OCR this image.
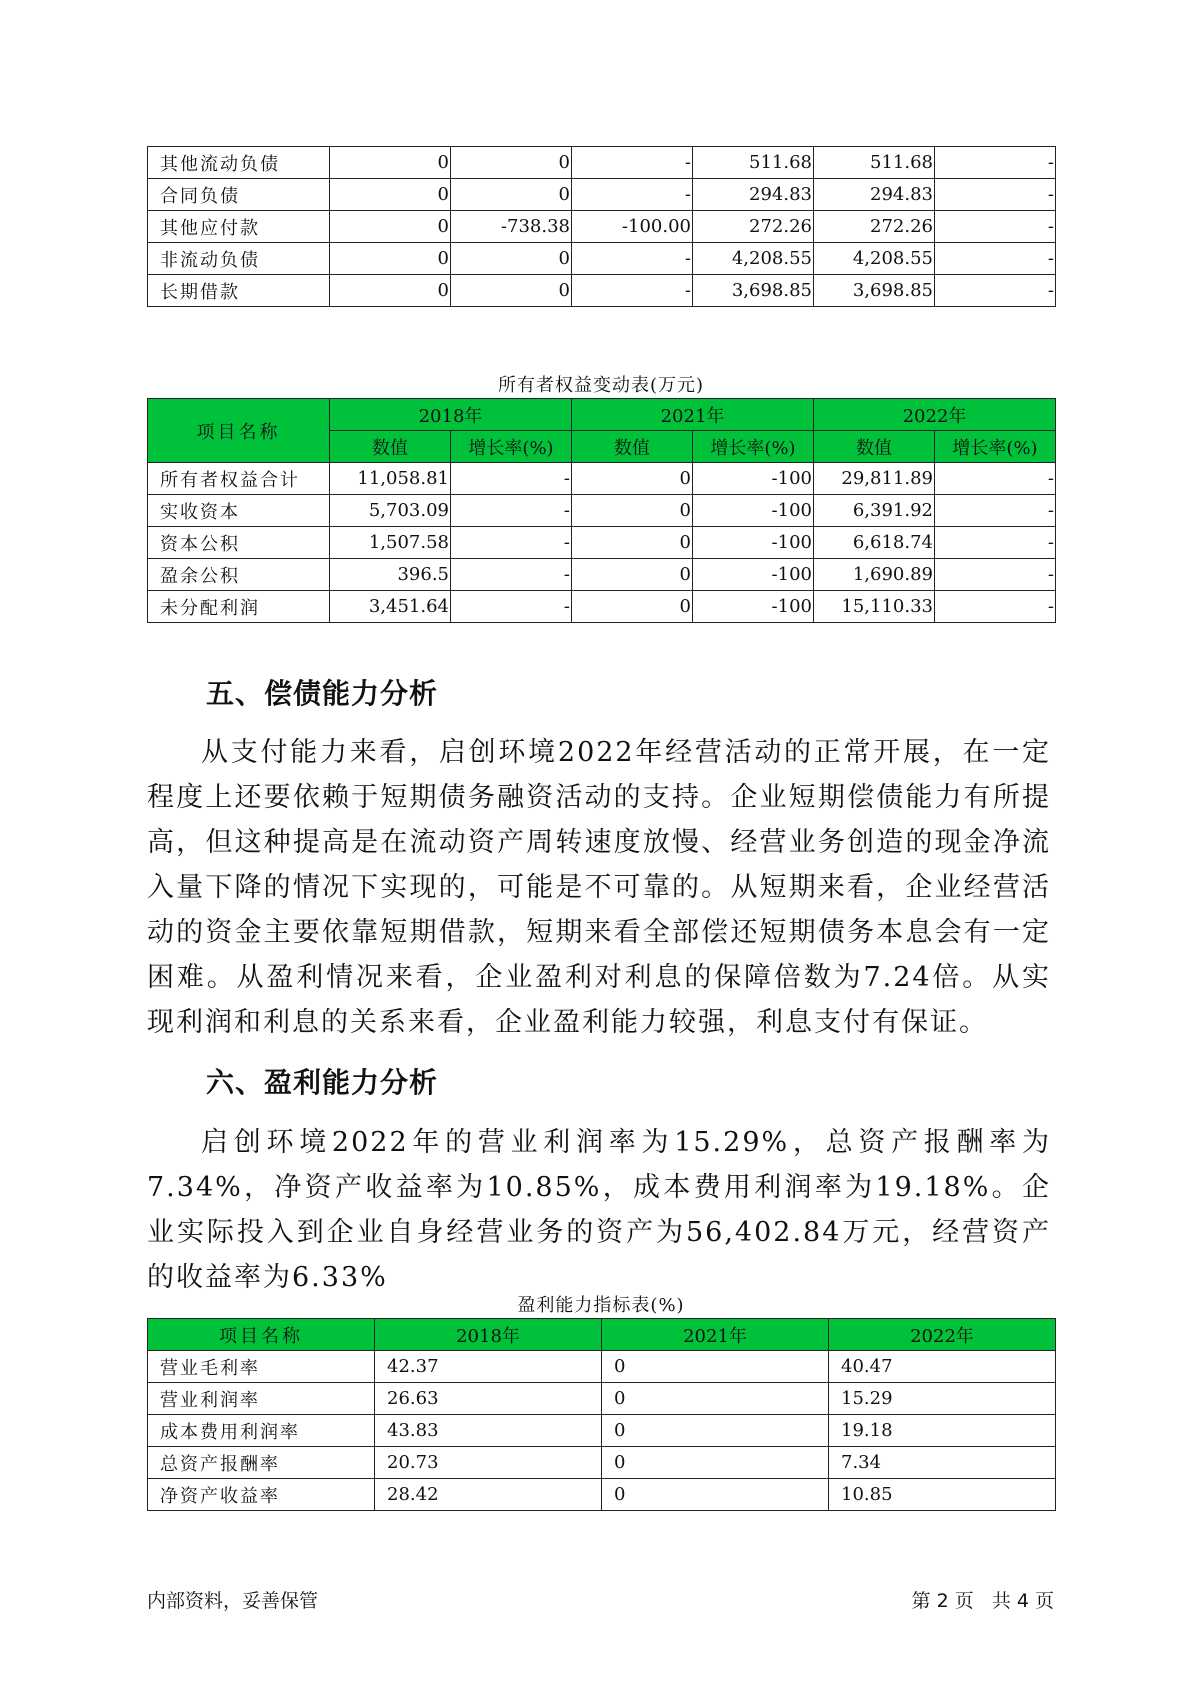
其他流动负债	0	0	-	511.68	511.68	-
合同负债	0	0	-	294.83	294.83	-
其他应付款	0	-738.38	-100.00	272.26	272.26	-
非流动负债	0	0	-	4,208.55	4,208.55	-
长期借款	0	0	-	3,698.85	3,698.85	-
所有者权益变动表(万元)
项目名称	2018年		2021年		2022年	
	数值	增长率(%)	数值	增长率(%)	数值	增长率(%)
所有者权益合计	11,058.81	-	0	-100	29,811.89	-
实收资本	5,703.09	-	0	-100	6,391.92	-
资本公积	1,507.58	-	0	-100	6,618.74	-
盈余公积	396.5	-	0	-100	1,690.89	-
未分配利润	3,451.64	-	0	-100	15,110.33	-
五、偿债能力分析

从支付能力来看，启创环境2022年经营活动的正常开展，在一定程度上还要依赖于短期债务融资活动的支持。企业短期偿债能力有所提高，但这种提高是在流动资产周转速度放慢、经营业务创造的现金净流入量下降的情况下实现的，可能是不可靠的。从短期来看，企业经营活动的资金主要依靠短期借款，短期来看全部偿还短期债务本息会有一定困难。从盈利情况来看，企业盈利对利息的保障倍数为7.24倍。从实现利润和利息的关系来看，企业盈利能力较强，利息支付有保证。

六、盈利能力分析

启创环境2022年的营业利润率为15.29%，总资产报酬率为7.34%，净资产收益率为10.85%，成本费用利润率为19.18%。企业实际投入到企业自身经营业务的资产为56,402.84万元，经营资产的收益率为6.33%

盈利能力指标表(%)
项目名称	2018年	2021年	2022年
营业毛利率	42.37	0	40.47
营业利润率	26.63	0	15.29
成本费用利润率	43.83	0	19.18
总资产报酬率	20.73	0	7.34
净资产收益率	28.42	0	10.85
内部资料，妥善保管	第 2 页   共 4 页
